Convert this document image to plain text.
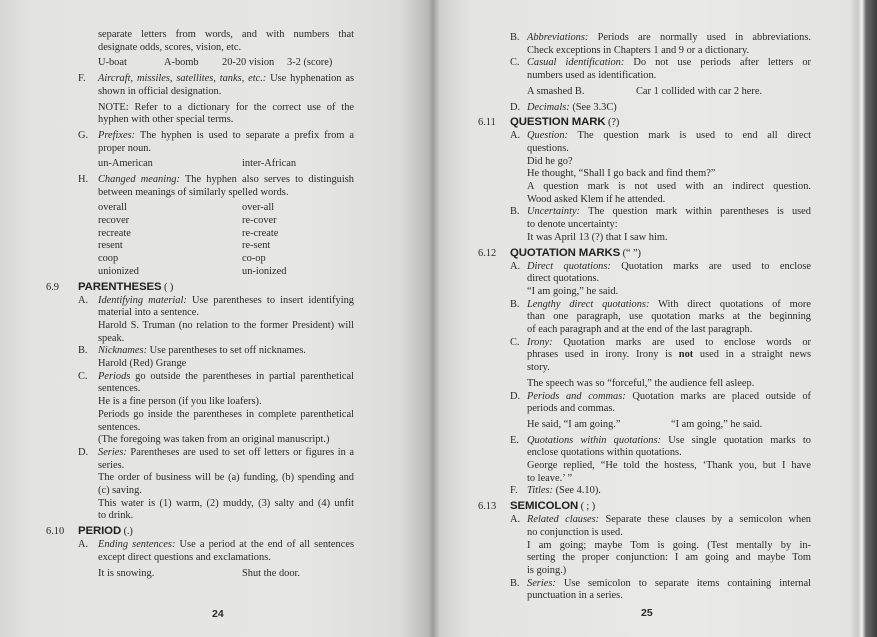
separate letters from words, and with numbers that
designate odds, scores, vision, etc.
U-boat	A-bomb 20-20 vision 3-2 (score)
F. Aircraft, missiles, satellites, tanks, etc.: Use hyphenation as
shown in official designation.
NOTE: Refer to a dictionary for the correct use of the
hyphen with other special terms.
G. Prefixes: The hyphen is used to separate a prefix from a
proper noun.
un-American	inter-African
H. Changed meaning: The hyphen also serves to distinguish
between meanings of similarly spelled words.
overall	over-all
recover	re-cover
recreate	re-create
resent	re-sent
coop	co-op
unionized	un-ionized
6.9 PARENTHESES ( )
A. Identifying material: Use parentheses to insert identifying
material into a sentence.
Harold S. Truman (no relation to the former President) will
speak.
B. Nicknames: Use parentheses to set off nicknames.
Harold (Red) Grange
C. Periods go outside the parentheses in partial parenthetical
sentences.
He is a fine person (if you like loafers).
Periods go inside the parentheses in complete parenthetical
sentences.
(The foregoing was taken from an original manuscript.)
D. Series: Parentheses are used to set off letters or figures in a
series.
The order of business will be (a) funding, (b) spending and
(c) saving.
This water is (1) warm, (2) muddy, (3) salty and (4) unfit
to drink.
6.10 PERIOD (.)
A. Ending sentences: Use a period at the end of all sentences
except direct questions and exclamations.
It is snowing.	Shut the door.
B. Abbreviations: Periods are normally used in abbreviations.
Check exceptions in Chapters 1 and 9 or a dictionary.
C. Casual identification: Do not use periods after letters or
numbers used as identification.
A smashed B.	Car 1 collided with car 2 here.
D. Decimals: (See 3.3C)
6.11 QUESTION MARK (?)
A. Question: The question mark is used to end all direct
questions.
Did he go?
He thought, “Shall I go back and find them?”
A question mark is not used with an indirect question.
Wood asked Klem if he attended.
B. Uncertainty: The question mark within parentheses is used
to denote uncertainty:
It was April 13 (?) that I saw him.
6.12 QUOTATION MARKS (“ ”)
A. Direct quotations: Quotation marks are used to enclose
direct quotations.
“I am going,” he said.
B. Lengthy direct quotations: With direct quotations of more
than one paragraph, use quotation marks at the beginning
of each paragraph and at the end of the last paragraph.
C. Irony: Quotation marks are used to enclose words or
phrases used in irony. Irony is not used in a straight news
story.
The speech was so “forceful,” the audience fell asleep.
D. Periods and commas: Quotation marks are placed outside of
periods and commas.
He said, “I am going.”	“I am going,” he said.
E. Quotations within quotations: Use single quotation marks to
enclose quotations within quotations.
George replied, “He told the hostess, ‘Thank you, but I have
to leave.’ ”
F. Titles: (See 4.10).
6.13 SEMICOLON ( ; )
A. Related clauses: Separate these clauses by a semicolon when
no conjunction is used.
I am going; maybe Tom is going. (Test mentally by in-
serting the proper conjunction: I am going and maybe Tom
is going.)
B. Series: Use semicolon to separate items containing internal
punctuation in a series.
24	25
